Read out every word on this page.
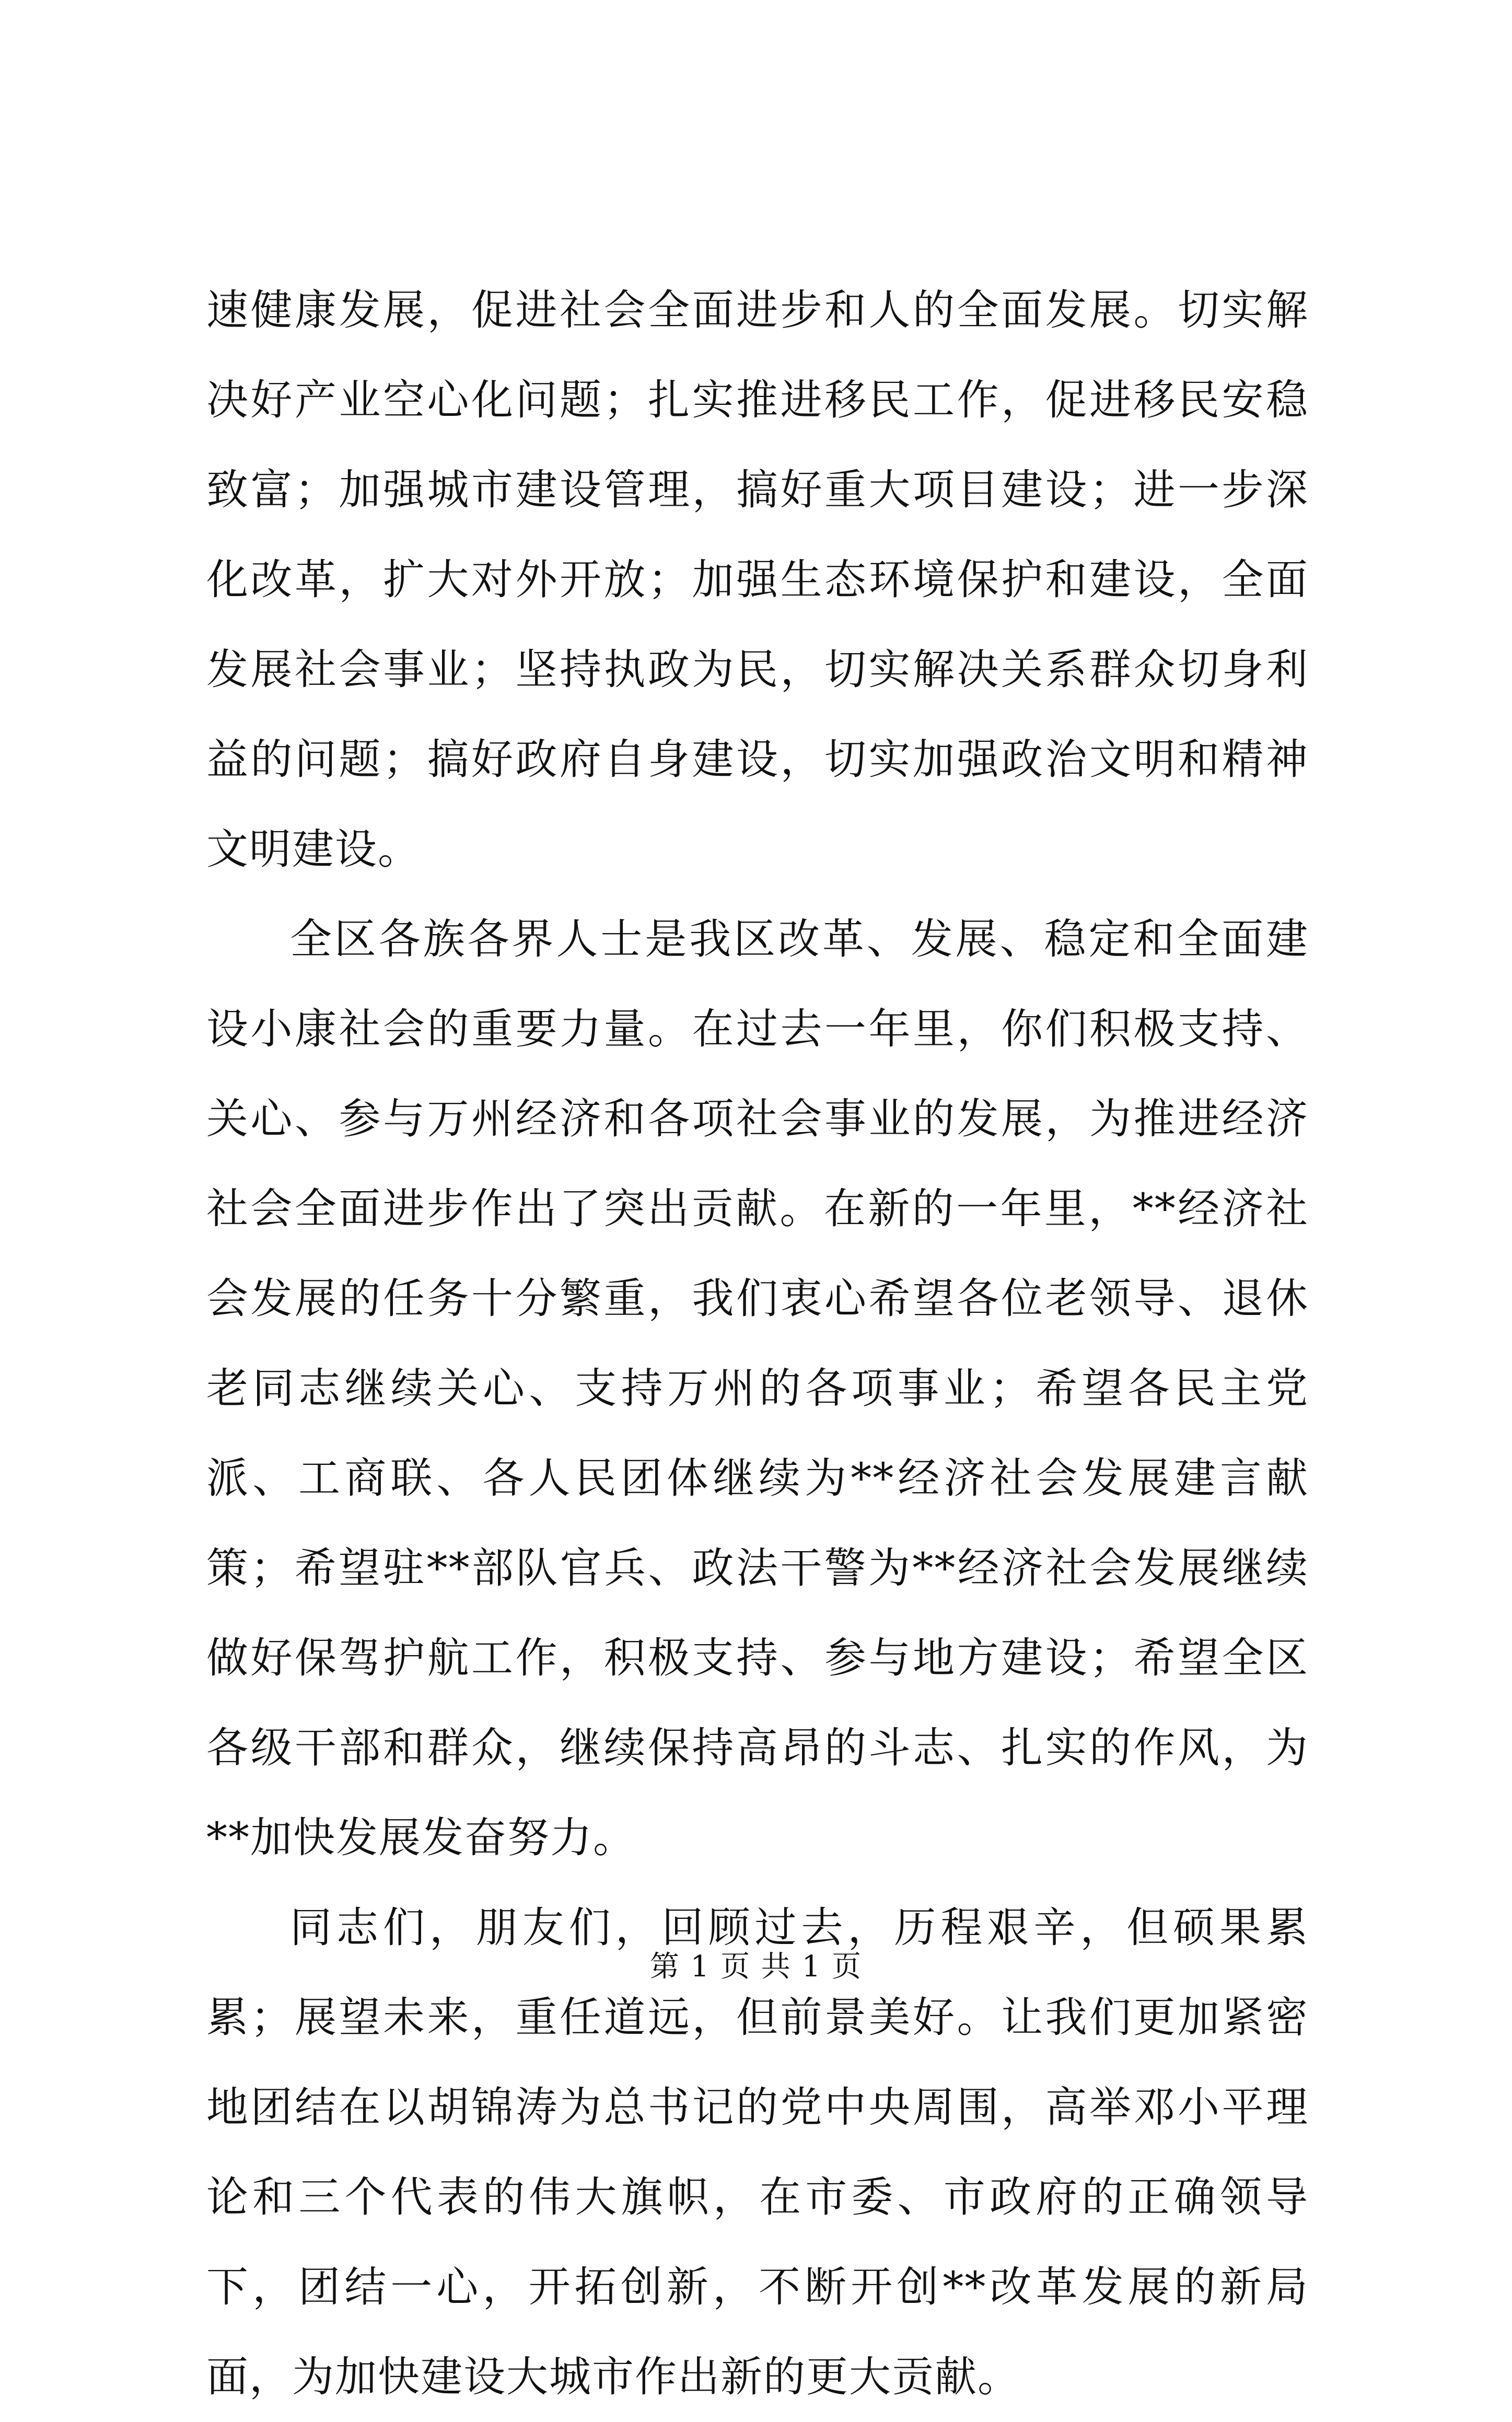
速健康发展，促进社会全面进步和人的全面发展。切实解决好产业空心化问题；扎实推进移民工作，促进移民安稳致富；加强城市建设管理，搞好重大项目建设；进一步深化改革，扩大对外开放；加强生态环境保护和建设，全面发展社会事业；坚持执政为民，切实解决关系群众切身利益的问题；搞好政府自身建设，切实加强政治文明和精神文明建设。

全区各族各界人士是我区改革、发展、稳定和全面建设小康社会的重要力量。在过去一年里，你们积极支持、关心、参与万州经济和各项社会事业的发展，为推进经济社会全面进步作出了突出贡献。在新的一年里，**经济社会发展的任务十分繁重，我们衷心希望各位老领导、退休老同志继续关心、支持万州的各项事业；希望各民主党派、工商联、各人民团体继续为**经济社会发展建言献策；希望驻**部队官兵、政法干警为**经济社会发展继续做好保驾护航工作，积极支持、参与地方建设；希望全区各级干部和群众，继续保持高昂的斗志、扎实的作风，为**加快发展发奋努力。

同志们，朋友们，回顾过去，历程艰辛，但硕果累累；展望未来，重任道远，但前景美好。让我们更加紧密地团结在以胡锦涛为总书记的党中央周围，高举邓小平理论和三个代表的伟大旗帜，在市委、市政府的正确领导下，团结一心，开拓创新，不断开创**改革发展的新局面，为加快建设大城市作出新的更大贡献。

第 1 页 共 1 页
